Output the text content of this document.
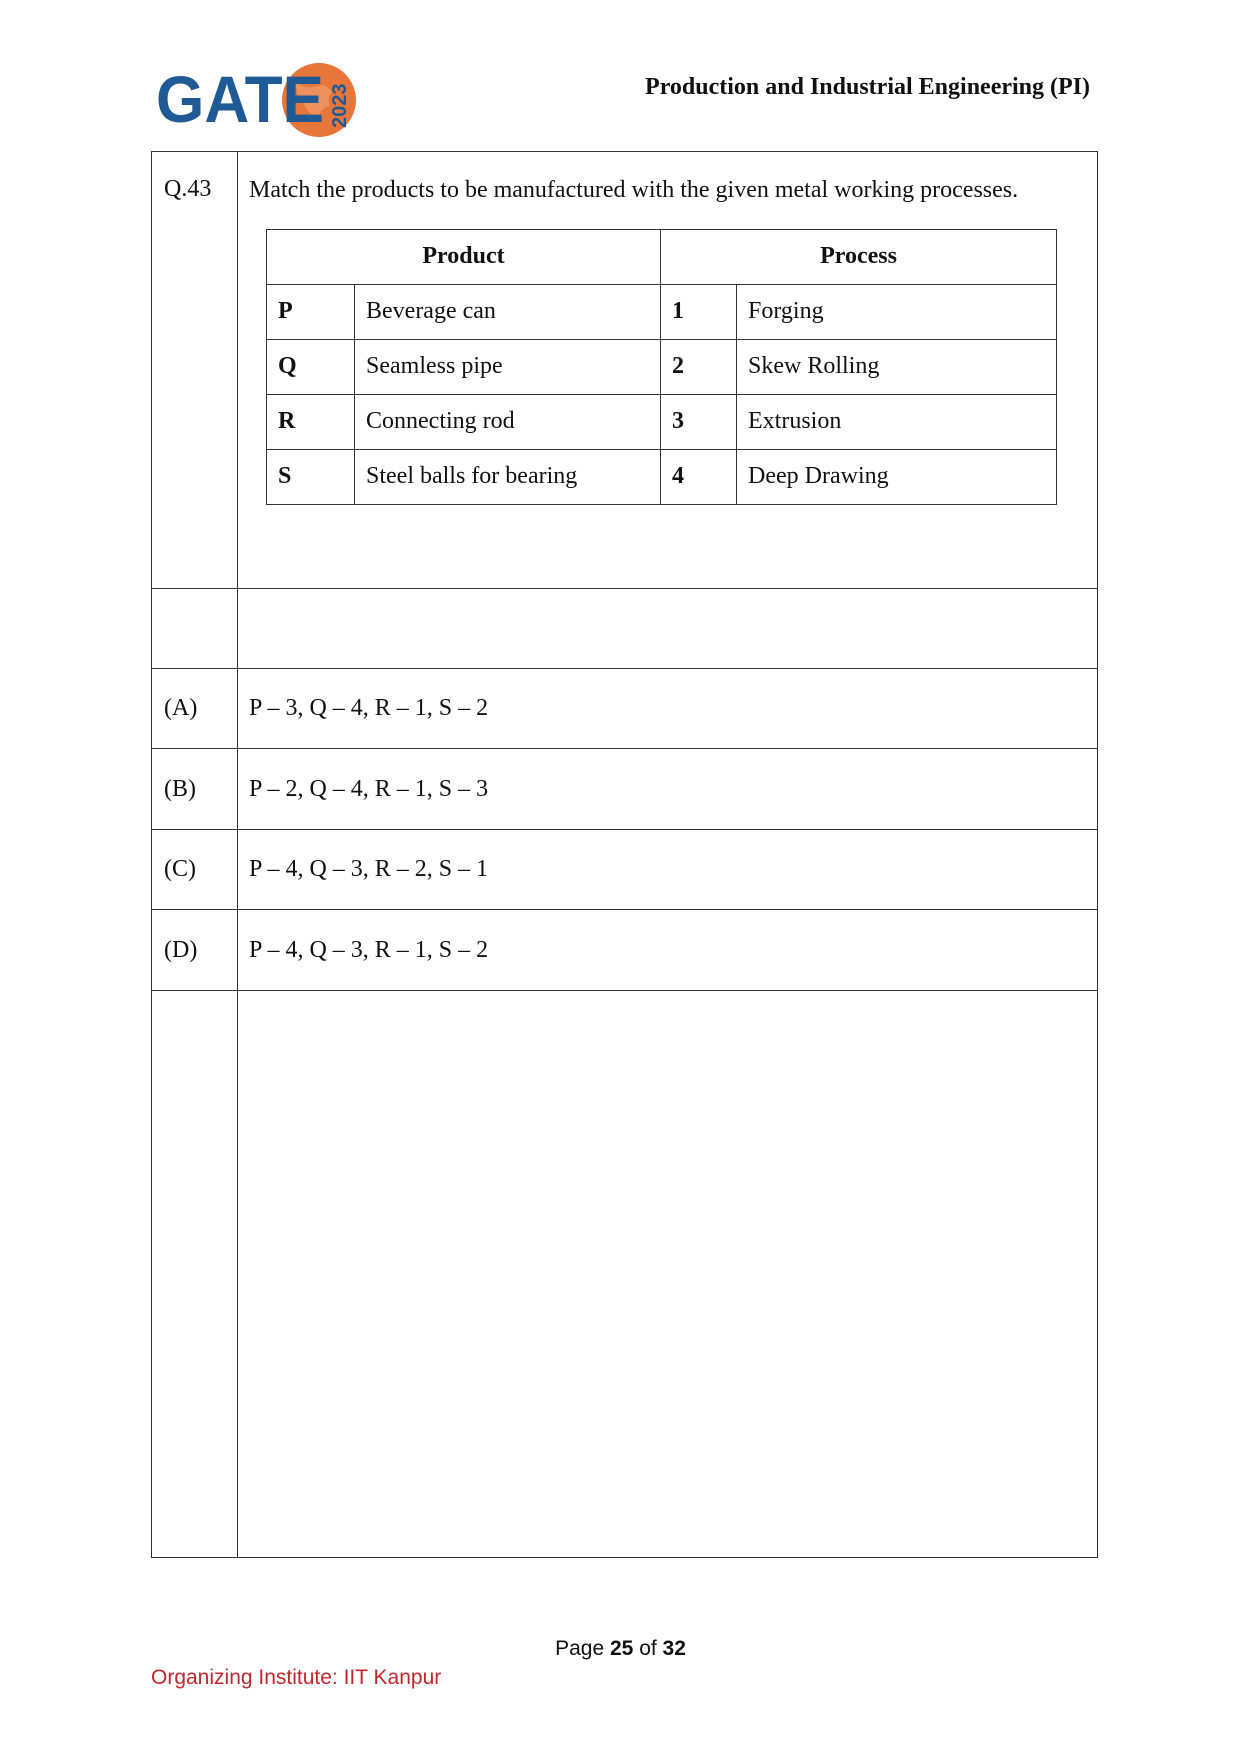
GATE 2023	Production and Industrial Engineering (PI)
Q.43	Match the products to be manufactured with the given metal working processes.

Product	Process
P	Beverage can	1	Forging
Q	Seamless pipe	2	Skew Rolling
R	Connecting rod	3	Extrusion
S	Steel balls for bearing	4	Deep Drawing

(A)	P – 3, Q – 4, R – 1, S – 2
(B)	P – 2, Q – 4, R – 1, S – 3
(C)	P – 4, Q – 3, R – 2, S – 1
(D)	P – 4, Q – 3, R – 1, S – 2

Page 25 of 32
Organizing Institute: IIT Kanpur
